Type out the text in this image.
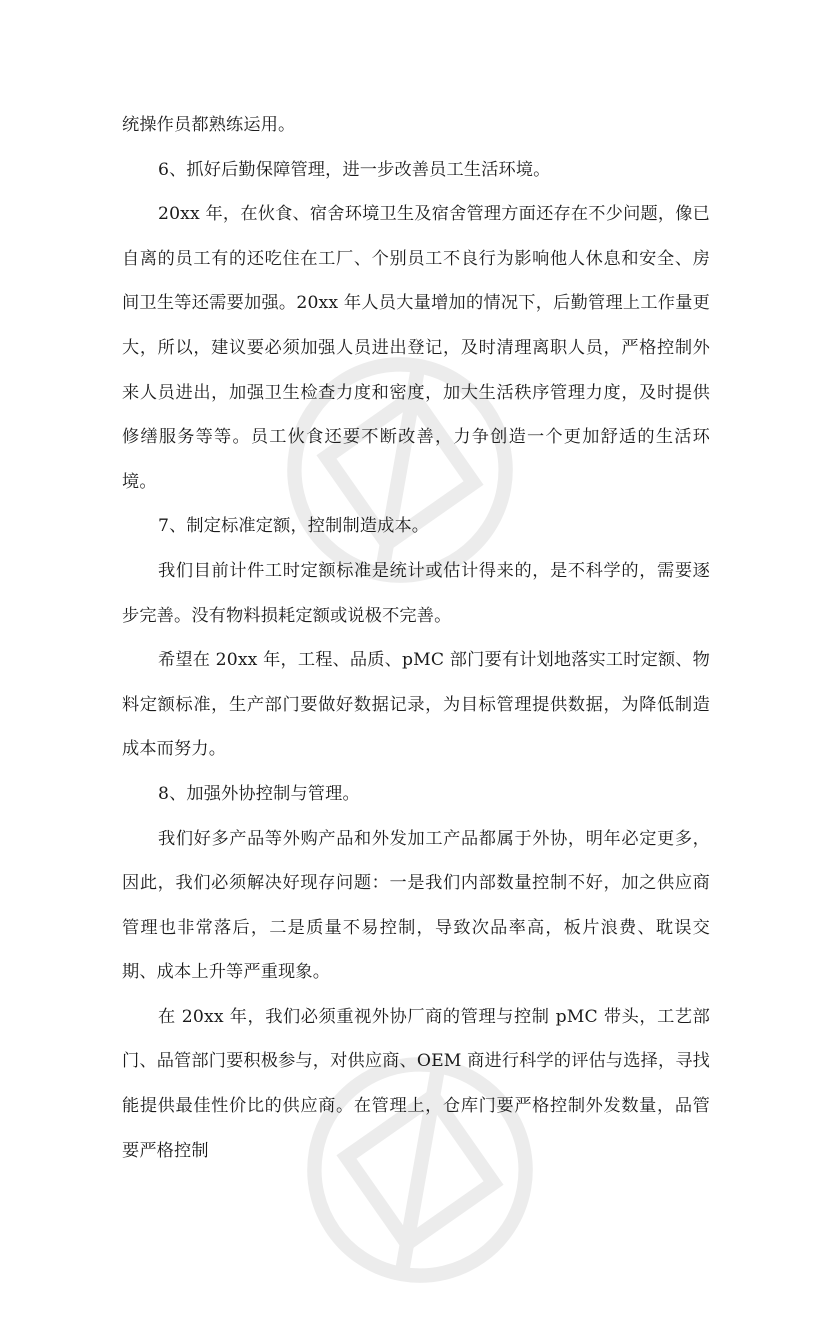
统操作员都熟练运用。

6、抓好后勤保障管理，进一步改善员工生活环境。

20xx 年，在伙食、宿舍环境卫生及宿舍管理方面还存在不少问题，像已自离的员工有的还吃住在工厂、个别员工不良行为影响他人休息和安全、房间卫生等还需要加强。20xx 年人员大量增加的情况下，后勤管理上工作量更大，所以，建议要必须加强人员进出登记，及时清理离职人员，严格控制外来人员进出，加强卫生检查力度和密度，加大生活秩序管理力度，及时提供修缮服务等等。员工伙食还要不断改善，力争创造一个更加舒适的生活环境。

7、制定标准定额，控制制造成本。

我们目前计件工时定额标准是统计或估计得来的，是不科学的，需要逐步完善。没有物料损耗定额或说极不完善。

希望在 20xx 年，工程、品质、pMC 部门要有计划地落实工时定额、物料定额标准，生产部门要做好数据记录，为目标管理提供数据，为降低制造成本而努力。

8、加强外协控制与管理。

我们好多产品等外购产品和外发加工产品都属于外协，明年必定更多，因此，我们必须解决好现存问题：一是我们内部数量控制不好，加之供应商管理也非常落后，二是质量不易控制，导致次品率高，板片浪费、耽误交期、成本上升等严重现象。

在 20xx 年，我们必须重视外协厂商的管理与控制 pMC 带头，工艺部门、品管部门要积极参与，对供应商、OEM 商进行科学的评估与选择，寻找能提供最佳性价比的供应商。在管理上，仓库门要严格控制外发数量，品管要严格控制
